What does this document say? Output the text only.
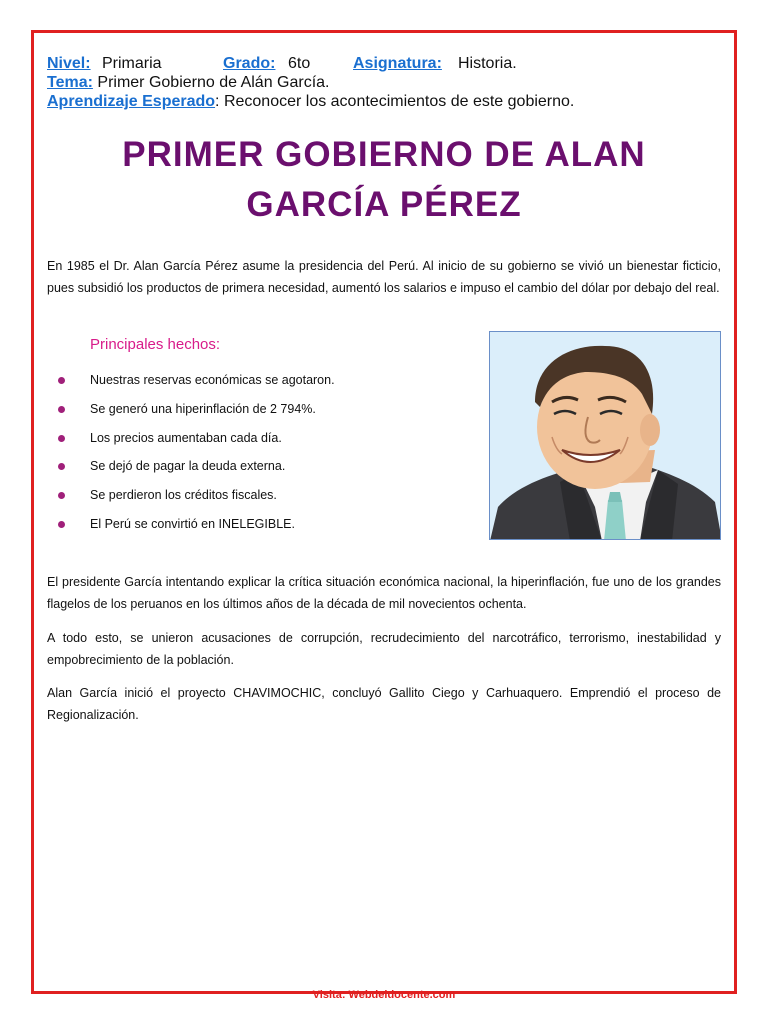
Nivel: Primaria	Grado: 6to	Asignatura: Historia.
Tema: Primer Gobierno de Alán García.
Aprendizaje Esperado: Reconocer los acontecimientos de este gobierno.
PRIMER GOBIERNO DE ALAN
GARCÍA PÉREZ
En 1985 el Dr. Alan García Pérez asume la presidencia del Perú. Al inicio de su gobierno se vivió un bienestar ficticio, pues subsidió los productos de primera necesidad, aumentó los salarios e impuso el cambio del dólar por debajo del real.
Principales hechos:
Nuestras reservas económicas se agotaron.
Se generó una hiperinflación de 2 794%.
Los precios aumentaban cada día.
Se dejó de pagar la deuda externa.
Se perdieron los créditos fiscales.
El Perú se convirtió en INELEGIBLE.
El presidente García intentando explicar la crítica situación económica nacional, la hiperinflación, fue uno de los grandes flagelos de los peruanos en los últimos años de la década de mil novecientos ochenta.
A todo esto, se unieron acusaciones de corrupción, recrudecimiento del narcotráfico, terrorismo, inestabilidad y empobrecimiento de la población.
Alan García inició el proyecto CHAVIMOCHIC, concluyó Gallito Ciego y Carhuaquero. Emprendió el proceso de Regionalización.
Visita: Webdeldocente.com
